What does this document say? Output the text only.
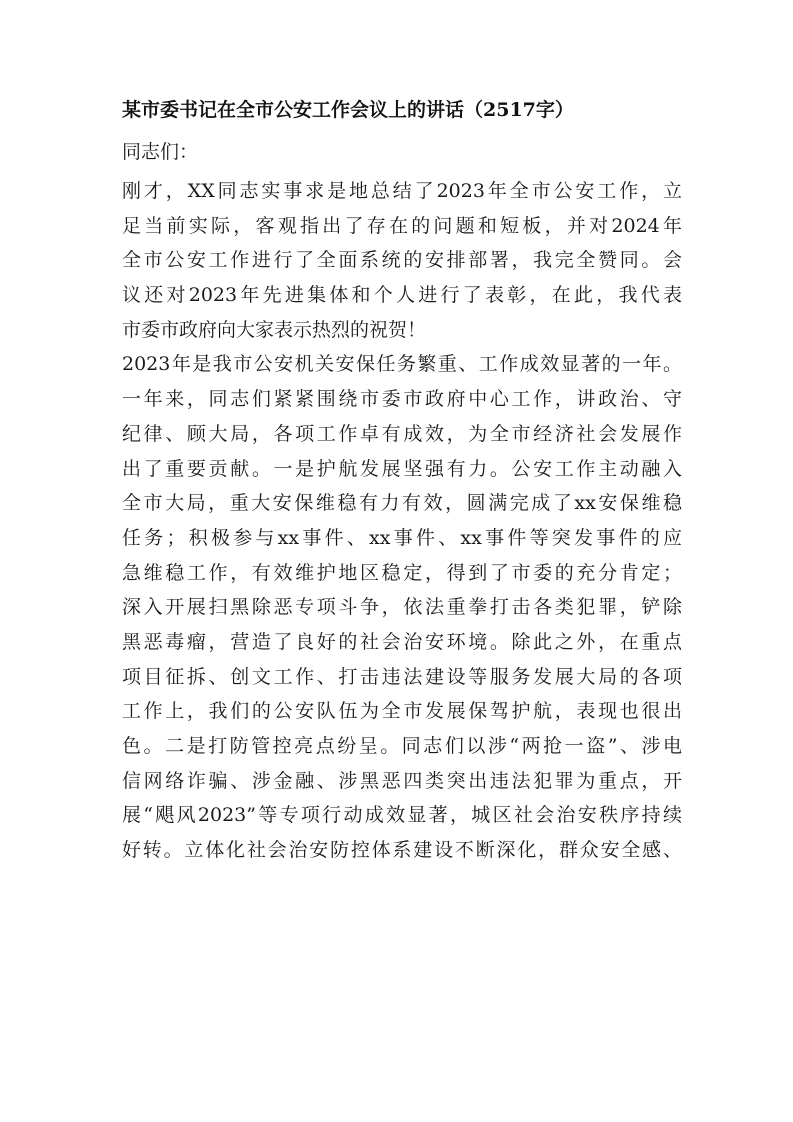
某市委书记在全市公安工作会议上的讲话（2517字）
同志们：
刚才，XX同志实事求是地总结了2023年全市公安工作，立
足当前实际，客观指出了存在的问题和短板，并对2024年
全市公安工作进行了全面系统的安排部署，我完全赞同。会
议还对2023年先进集体和个人进行了表彰，在此，我代表
市委市政府向大家表示热烈的祝贺！
2023年是我市公安机关安保任务繁重、工作成效显著的一年。
一年来，同志们紧紧围绕市委市政府中心工作，讲政治、守
纪律、顾大局，各项工作卓有成效，为全市经济社会发展作
出了重要贡献。一是护航发展坚强有力。公安工作主动融入
全市大局，重大安保维稳有力有效，圆满完成了xx安保维稳
任务；积极参与xx事件、xx事件、xx事件等突发事件的应
急维稳工作，有效维护地区稳定，得到了市委的充分肯定；
深入开展扫黑除恶专项斗争，依法重拳打击各类犯罪，铲除
黑恶毒瘤，营造了良好的社会治安环境。除此之外，在重点
项目征拆、创文工作、打击违法建设等服务发展大局的各项
工作上，我们的公安队伍为全市发展保驾护航，表现也很出
色。二是打防管控亮点纷呈。同志们以涉“两抢一盗”、涉电
信网络诈骗、涉金融、涉黑恶四类突出违法犯罪为重点，开
展“飓风2023”等专项行动成效显著，城区社会治安秩序持续
好转。立体化社会治安防控体系建设不断深化，群众安全感、
